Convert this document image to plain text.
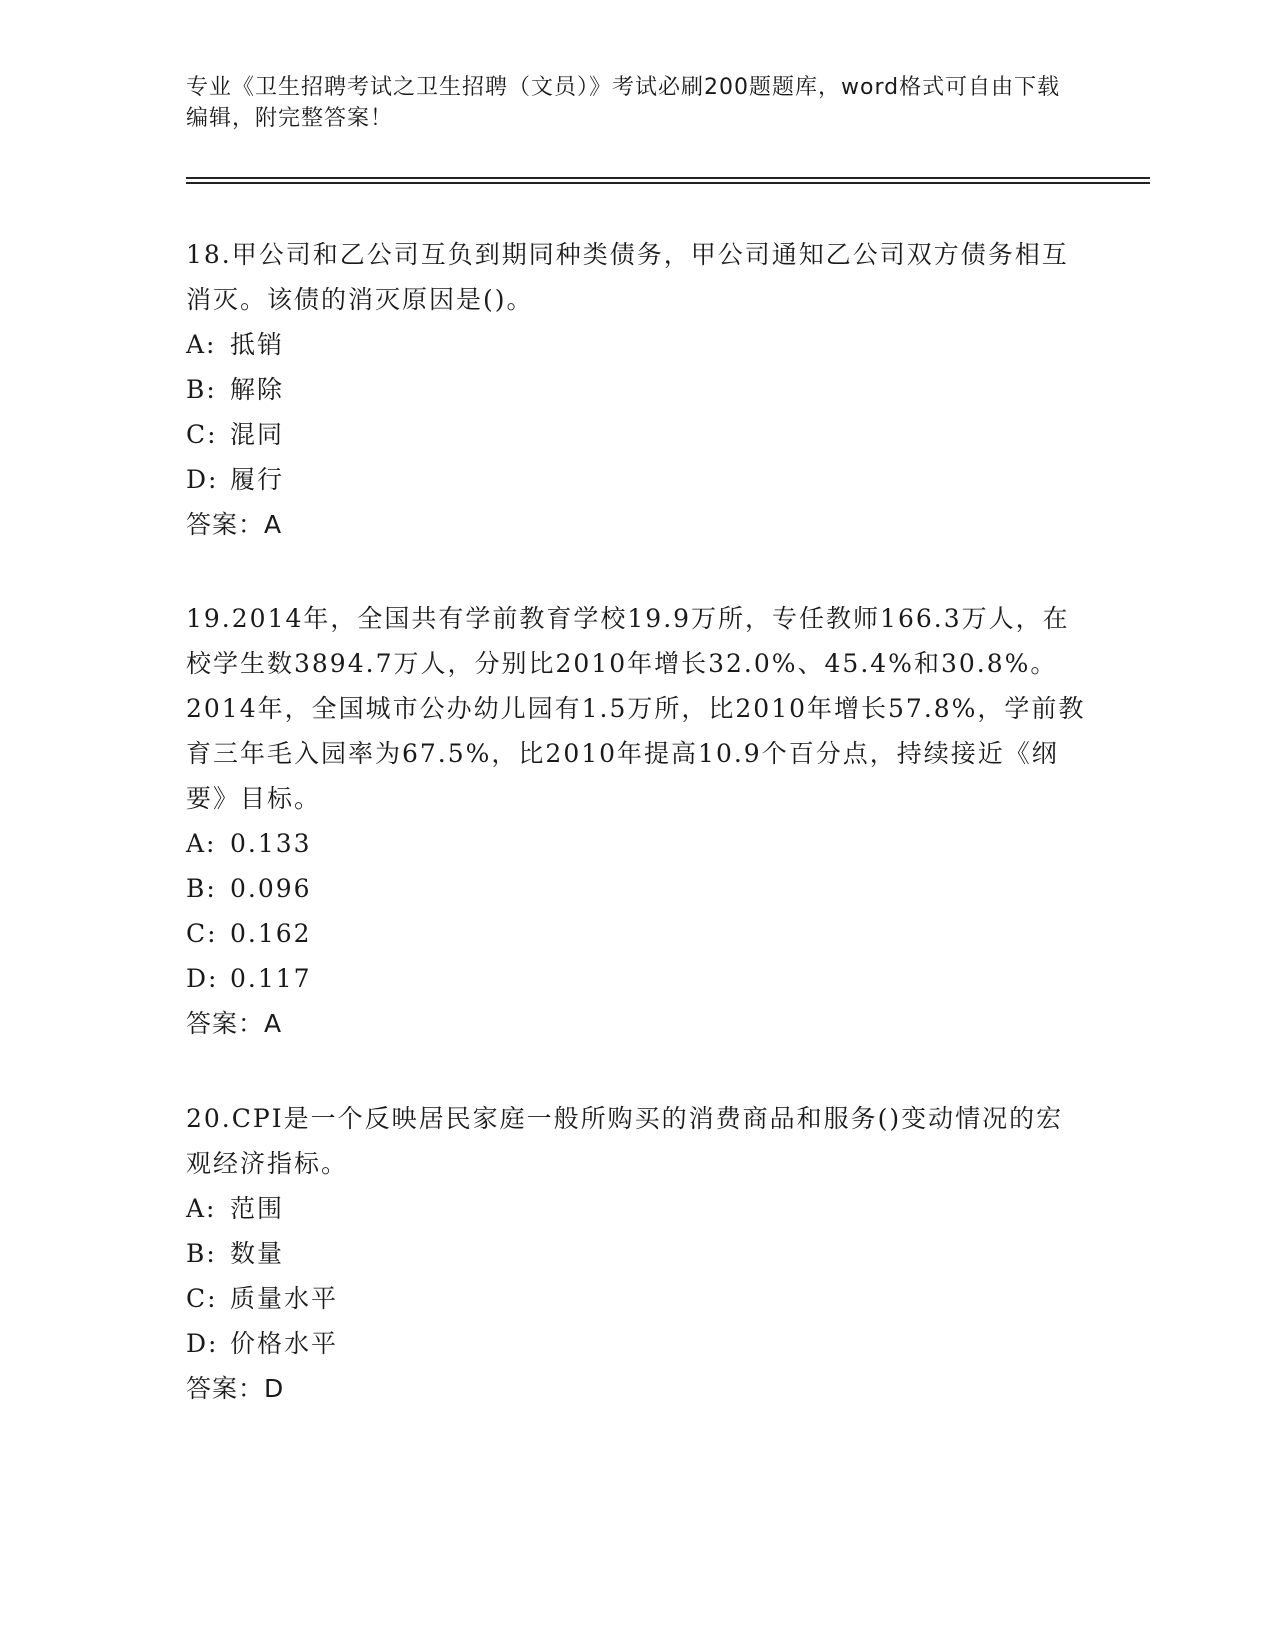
专业《卫生招聘考试之卫生招聘（文员）》考试必刷200题题库，word格式可自由下载编辑，附完整答案！

18.甲公司和乙公司互负到期同种类债务，甲公司通知乙公司双方债务相互消灭。该债的消灭原因是()。

A: 抵销
B: 解除
C: 混同
D: 履行
答案：A

19.2014年，全国共有学前教育学校19.9万所，专任教师166.3万人，在校学生数3894.7万人，分别比2010年增长32.0%、45.4%和30.8%。2014年，全国城市公办幼儿园有1.5万所，比2010年增长57.8%，学前教育三年毛入园率为67.5%，比2010年提高10.9个百分点，持续接近《纲要》目标。

A: 0.133
B: 0.096
C: 0.162
D: 0.117
答案：A

20.CPI是一个反映居民家庭一般所购买的消费商品和服务()变动情况的宏观经济指标。

A: 范围
B: 数量
C: 质量水平
D: 价格水平
答案：D
